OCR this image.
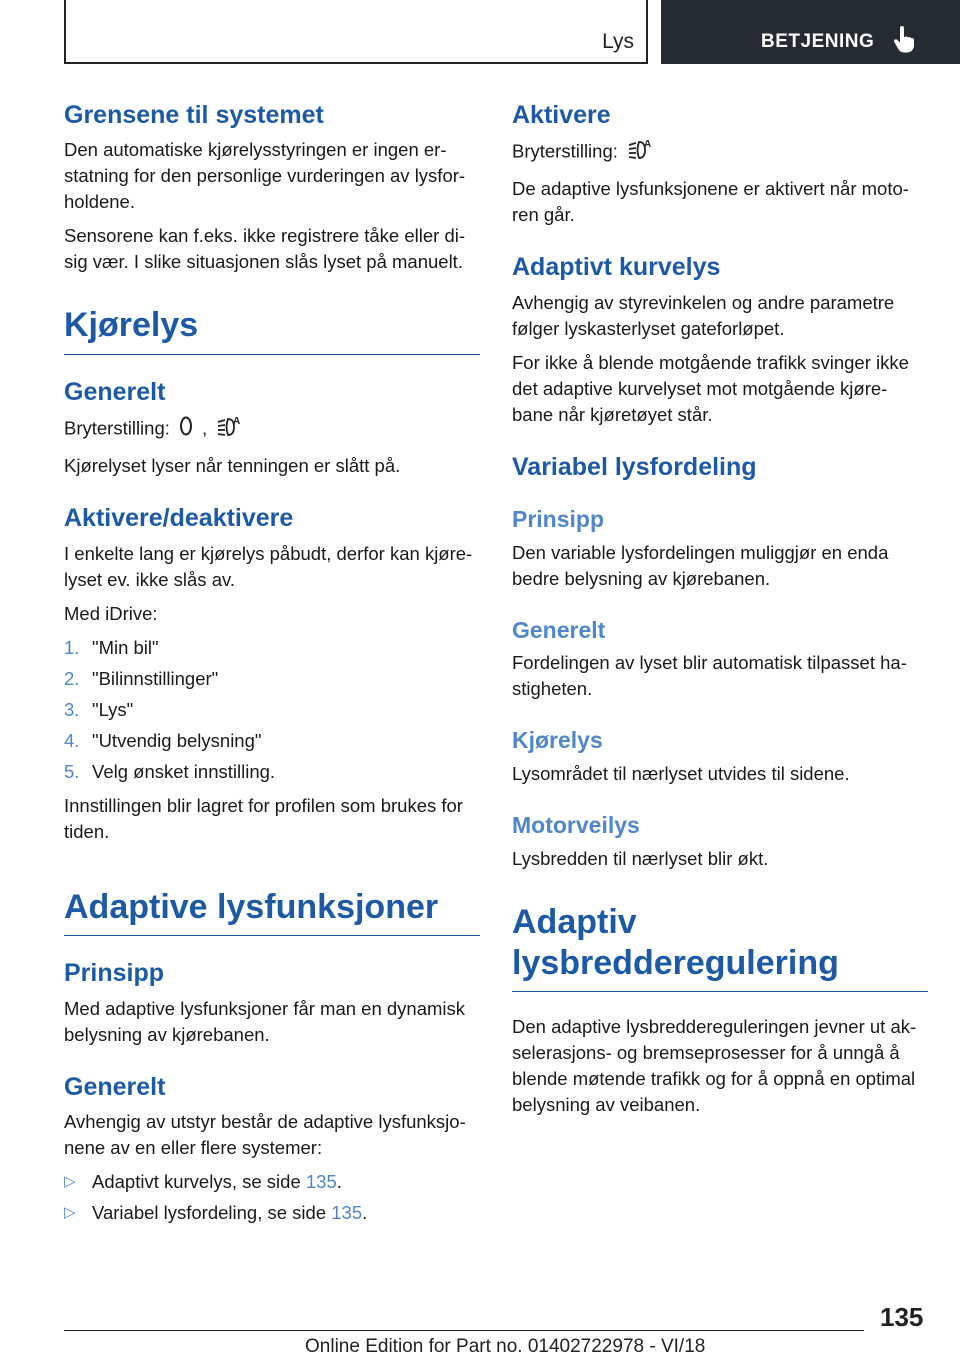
Lys	BETJENING
Grensene til systemet

Den automatiske kjørelysstyringen er ingen er-statning for den personlige vurderingen av lysfor-holdene.

Sensorene kan f.eks. ikke registrere tåke eller di-sig vær. I slike situasjonen slås lyset på manuelt.

Kjørelys
Generelt

Bryterstilling: ,	A

Kjørelyset lyser når tenningen er slått på.

Aktivere/deaktivere

I enkelte lang er kjørelys påbudt, derfor kan kjøre-lyset ev. ikke slås av.

Med iDrive:

1. "Min bil"
2. "Bilinnstillinger"
3. "Lys"
4. "Utvendig belysning"
5. Velg ønsket innstilling.

Innstillingen blir lagret for profilen som brukes for tiden.

Adaptive lysfunksjoner
Prinsipp

Med adaptive lysfunksjoner får man en dynamisk belysning av kjørebanen.

Generelt

Avhengig av utstyr består de adaptive lysfunksjo-nene av en eller flere systemer:

▷ Adaptivt kurvelys, se side 135.
▷ Variabel lysfordeling, se side 135.
Aktivere

Bryterstilling:	A

De adaptive lysfunksjonene er aktivert når moto-ren går.

Adaptivt kurvelys

Avhengig av styrevinkelen og andre parametre følger lyskasterlyset gateforløpet.

For ikke å blende motgående trafikk svinger ikke det adaptive kurvelyset mot motgående kjøre-bane når kjøretøyet står.

Variabel lysfordeling
Prinsipp

Den variable lysfordelingen muliggjør en enda bedre belysning av kjørebanen.

Generelt

Fordelingen av lyset blir automatisk tilpasset ha-stigheten.

Kjørelys

Lysområdet til nærlyset utvides til sidene.

Motorveilys

Lysbredden til nærlyset blir økt.

Adaptiv
lysbredderegulering

Den adaptive lysbreddereguleringen jevner ut ak-selerasjons- og bremseprosesser for å unngå å blende møtende trafikk og for å oppnå en optimal belysning av veibanen.

135
Online Edition for Part no. 01402722978 - VI/18
